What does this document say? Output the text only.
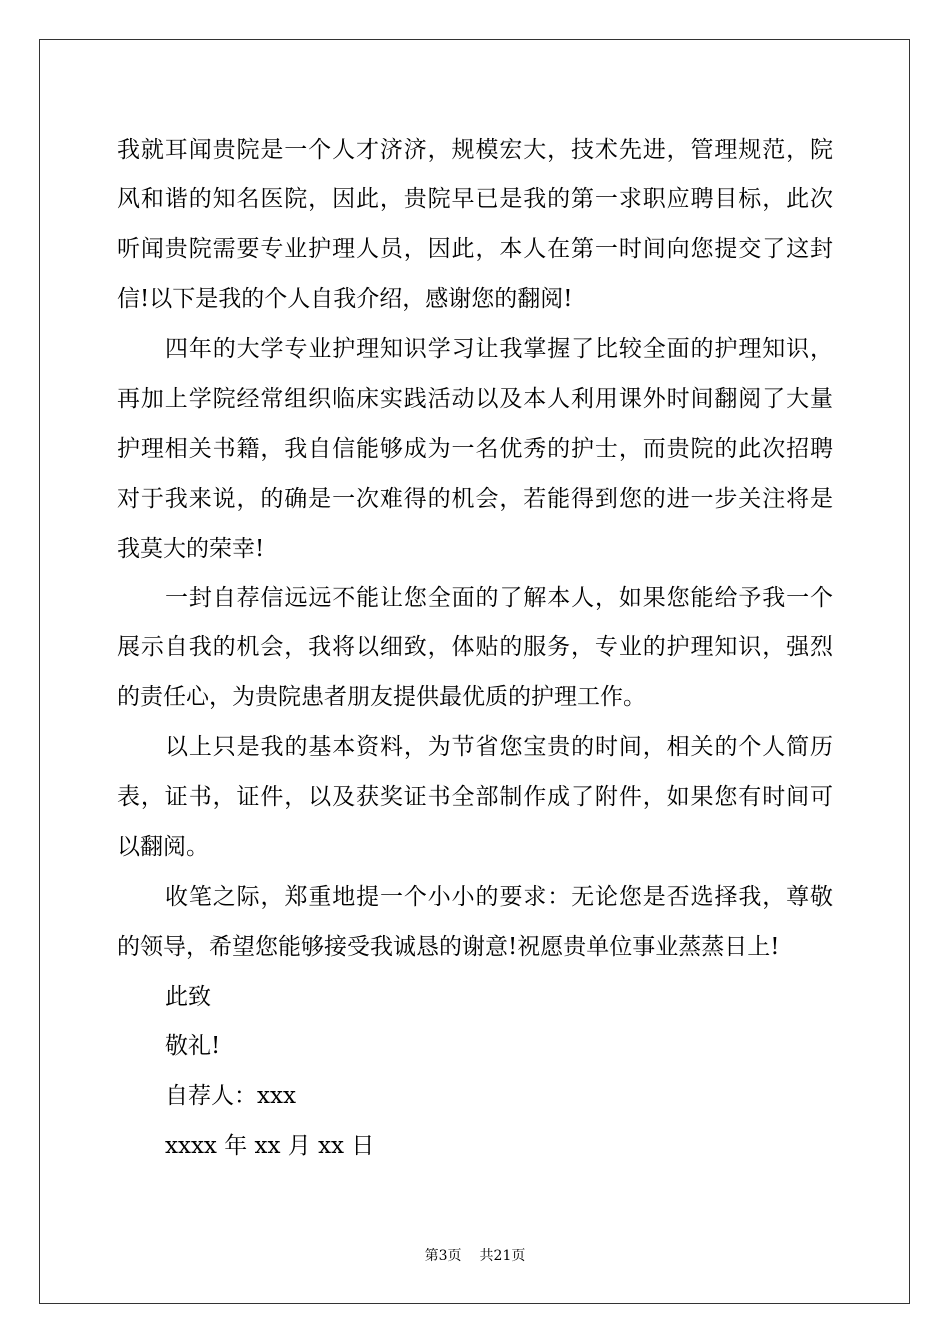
我就耳闻贵院是一个人才济济，规模宏大，技术先进，管理规范，院
风和谐的知名医院，因此，贵院早已是我的第一求职应聘目标，此次
听闻贵院需要专业护理人员，因此，本人在第一时间向您提交了这封
信!以下是我的个人自我介绍，感谢您的翻阅!
四年的大学专业护理知识学习让我掌握了比较全面的护理知识，
再加上学院经常组织临床实践活动以及本人利用课外时间翻阅了大量
护理相关书籍，我自信能够成为一名优秀的护士，而贵院的此次招聘
对于我来说，的确是一次难得的机会，若能得到您的进一步关注将是
我莫大的荣幸!
一封自荐信远远不能让您全面的了解本人，如果您能给予我一个
展示自我的机会，我将以细致，体贴的服务，专业的护理知识，强烈
的责任心，为贵院患者朋友提供最优质的护理工作。
以上只是我的基本资料，为节省您宝贵的时间，相关的个人简历
表，证书，证件，以及获奖证书全部制作成了附件，如果您有时间可
以翻阅。
收笔之际，郑重地提一个小小的要求：无论您是否选择我，尊敬
的领导，希望您能够接受我诚恳的谢意!祝愿贵单位事业蒸蒸日上!
此致
敬礼!
自荐人：xxx
xxxx 年 xx 月 xx 日
第3页 共21页
